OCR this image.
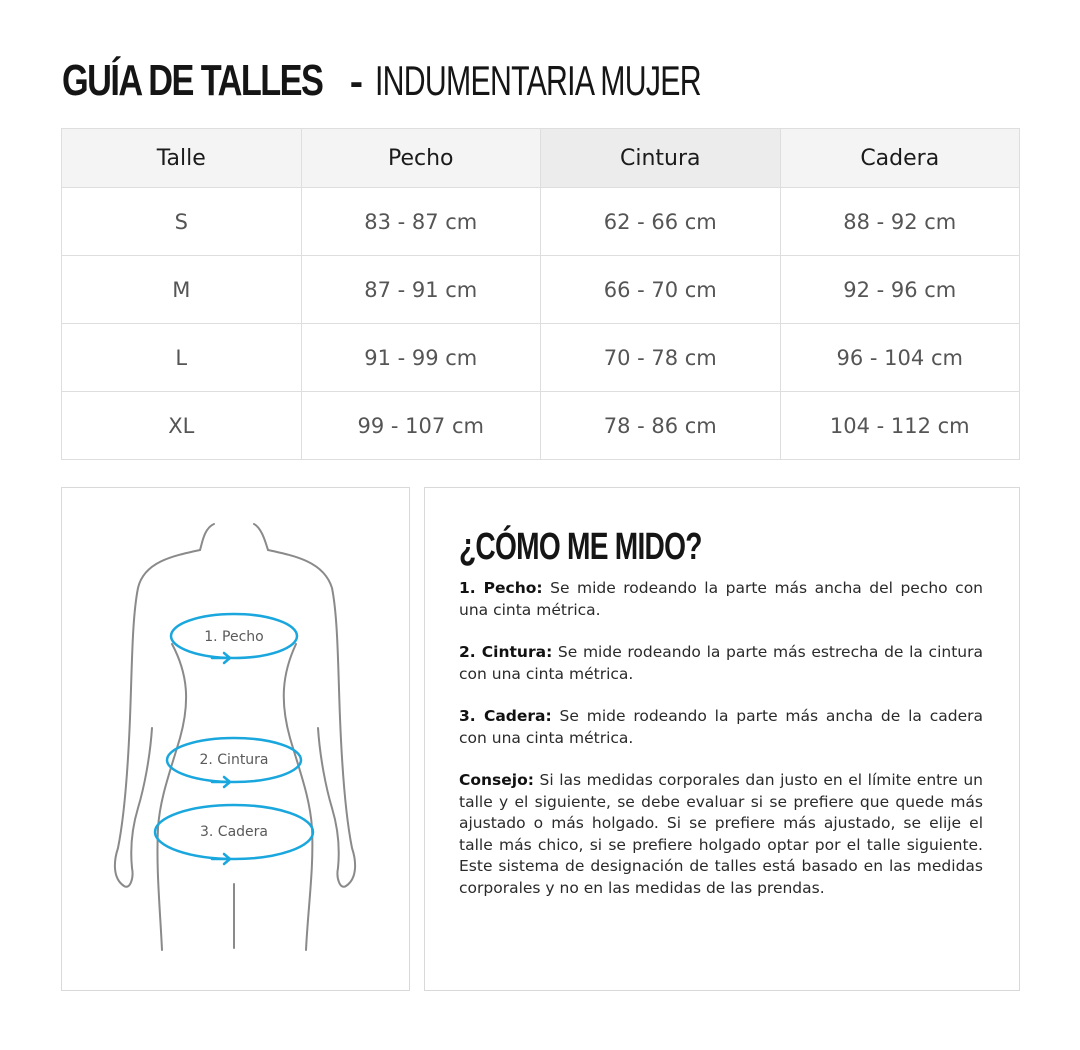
GUÍA DE TALLES - INDUMENTARIA MUJER
Talle	Pecho	Cintura	Cadera
S	83 - 87 cm	62 - 66 cm	88 - 92 cm
M	87 - 91 cm	66 - 70 cm	92 - 96 cm
L	91 - 99 cm	70 - 78 cm	96 - 104 cm
XL	99 - 107 cm	78 - 86 cm	104 - 112 cm
1. Pecho
2. Cintura
3. Cadera
¿CÓMO ME MIDO?

1. Pecho: Se mide rodeando la parte más ancha del pecho con una cinta métrica.

2. Cintura: Se mide rodeando la parte más estrecha de la cintura con una cinta métrica.

3. Cadera: Se mide rodeando la parte más ancha de la cadera con una cinta métrica.

Consejo: Si las medidas corporales dan justo en el límite entre un talle y el siguiente, se debe evaluar si se prefiere que quede más ajustado o más holgado. Si se prefiere más ajustado, se elije el talle más chico, si se prefiere holgado optar por el talle siguiente. Este sistema de designación de talles está basado en las medidas corporales y no en las medidas de las prendas.
